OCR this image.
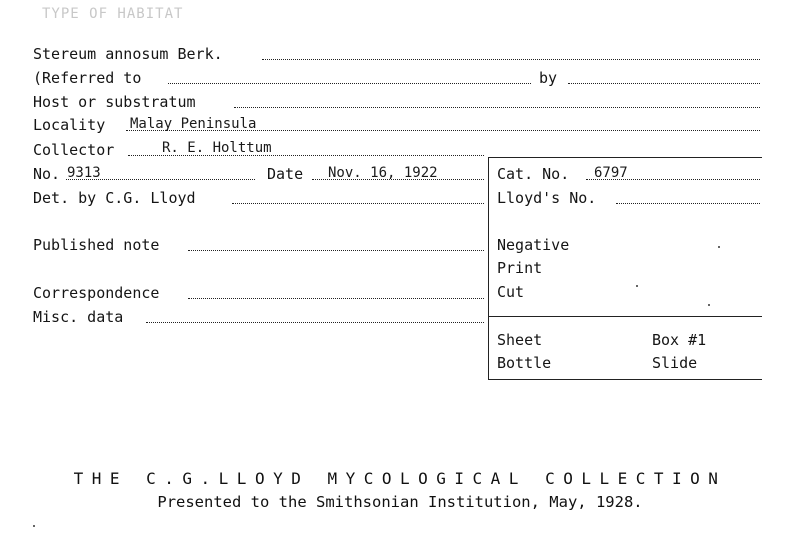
TYPE OF HABITAT
Stereum annosum Berk.
(Referred to	by
Host or substratum
Locality Malay Peninsula
Collector	R. E. Holttum
No. 9313	Date Nov. 16, 1922	Cat. No. 6797
Det. by C.G. Lloyd	Lloyd's No.
Published note	Negative
Print
Correspondence	Cut
Misc. data
Sheet	Box #1
Bottle	Slide
THE C.G.LLOYD MYCOLOGICAL COLLECTION
Presented to the Smithsonian Institution, May, 1928.
